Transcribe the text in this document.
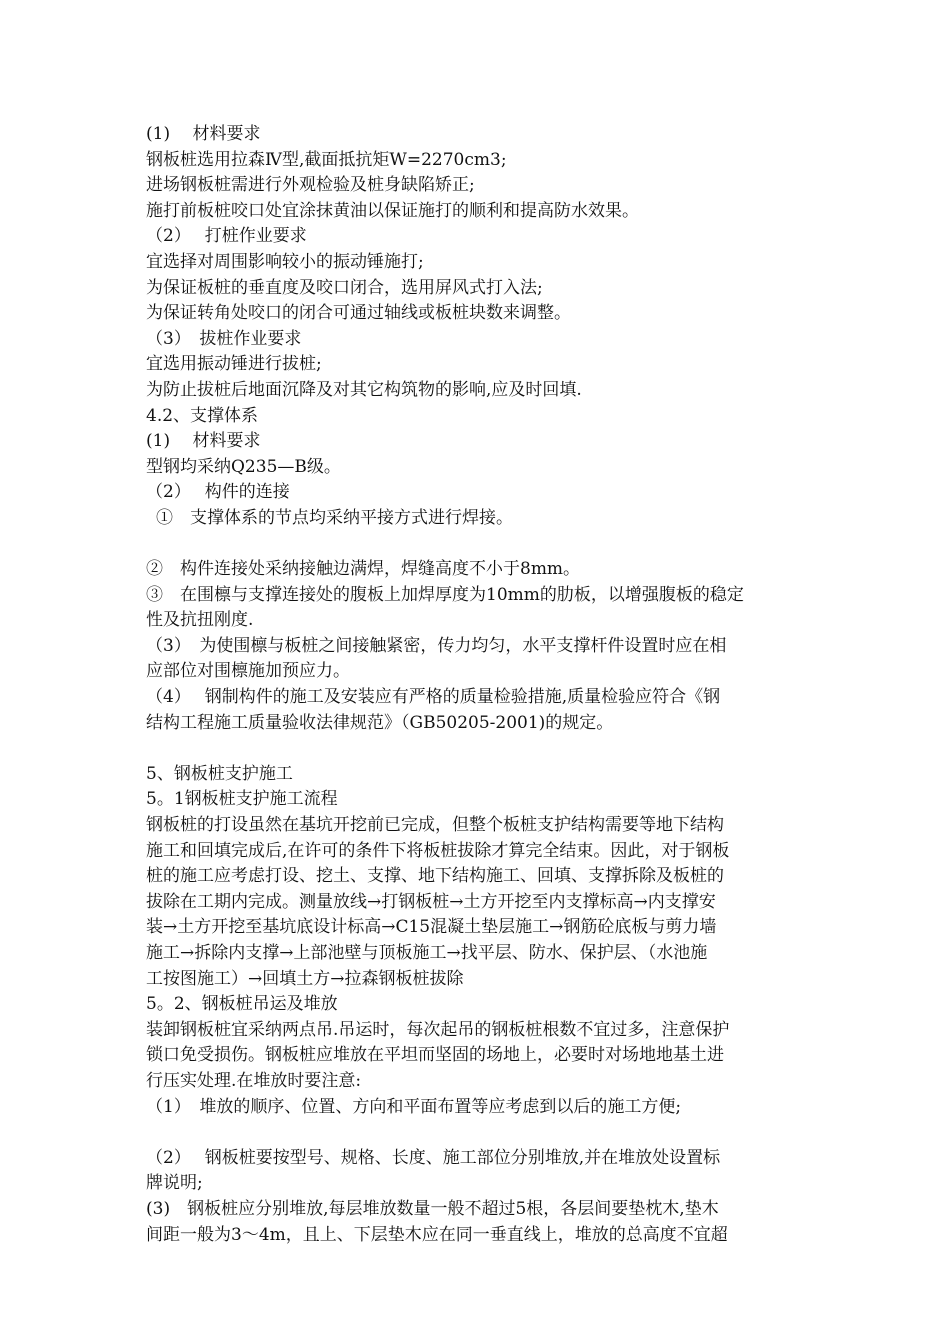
(1)　 材料要求
钢板桩选用拉森Ⅳ型,截面抵抗矩W=2270cm3;
进场钢板桩需进行外观检验及桩身缺陷矫正;
施打前板桩咬口处宜涂抹黄油以保证施打的顺利和提高防水效果。
（2）　 打桩作业要求
宜选择对周围影响较小的振动锤施打;
为保证板桩的垂直度及咬口闭合，选用屏风式打入法;
为保证转角处咬口的闭合可通过轴线或板桩块数来调整。
（3）　拔桩作业要求
宜选用振动锤进行拔桩;
为防止拔桩后地面沉降及对其它构筑物的影响,应及时回填.
4.2、支撑体系
(1)　 材料要求
型钢均采纳Q235—B级。
（2）　 构件的连接
①　支撑体系的节点均采纳平接方式进行焊接。
②　构件连接处采纳接触边满焊，焊缝高度不小于8mm。
③　在围檩与支撑连接处的腹板上加焊厚度为10mm的肋板，以增强腹板的稳定
性及抗扭刚度.
（3）　为使围檩与板桩之间接触紧密，传力均匀，水平支撑杆件设置时应在相
应部位对围檩施加预应力。
（4）　 钢制构件的施工及安装应有严格的质量检验措施,质量检验应符合《钢
结构工程施工质量验收法律规范》（GB50205-2001)的规定。
5、钢板桩支护施工
5。1钢板桩支护施工流程
钢板桩的打设虽然在基坑开挖前已完成，但整个板桩支护结构需要等地下结构
施工和回填完成后,在许可的条件下将板桩拔除才算完全结束。因此，对于钢板
桩的施工应考虑打设、挖土、支撑、地下结构施工、回填、支撑拆除及板桩的
拔除在工期内完成。测量放线→打钢板桩→土方开挖至内支撑标高→内支撑安
装→土方开挖至基坑底设计标高→C15混凝土垫层施工→钢筋砼底板与剪力墙
施工→拆除内支撑→上部池壁与顶板施工→找平层、防水、保护层、（水池施
工按图施工）→回填土方→拉森钢板桩拔除
5。2、钢板桩吊运及堆放
装卸钢板桩宜采纳两点吊.吊运时，每次起吊的钢板桩根数不宜过多，注意保护
锁口免受损伤。钢板桩应堆放在平坦而坚固的场地上，必要时对场地地基土进
行压实处理.在堆放时要注意:
（1）　堆放的顺序、位置、方向和平面布置等应考虑到以后的施工方便;
（2）　 钢板桩要按型号、规格、长度、施工部位分别堆放,并在堆放处设置标
牌说明;
(3)　钢板桩应分别堆放,每层堆放数量一般不超过5根，各层间要垫枕木,垫木
间距一般为3～4m，且上、下层垫木应在同一垂直线上，堆放的总高度不宜超
